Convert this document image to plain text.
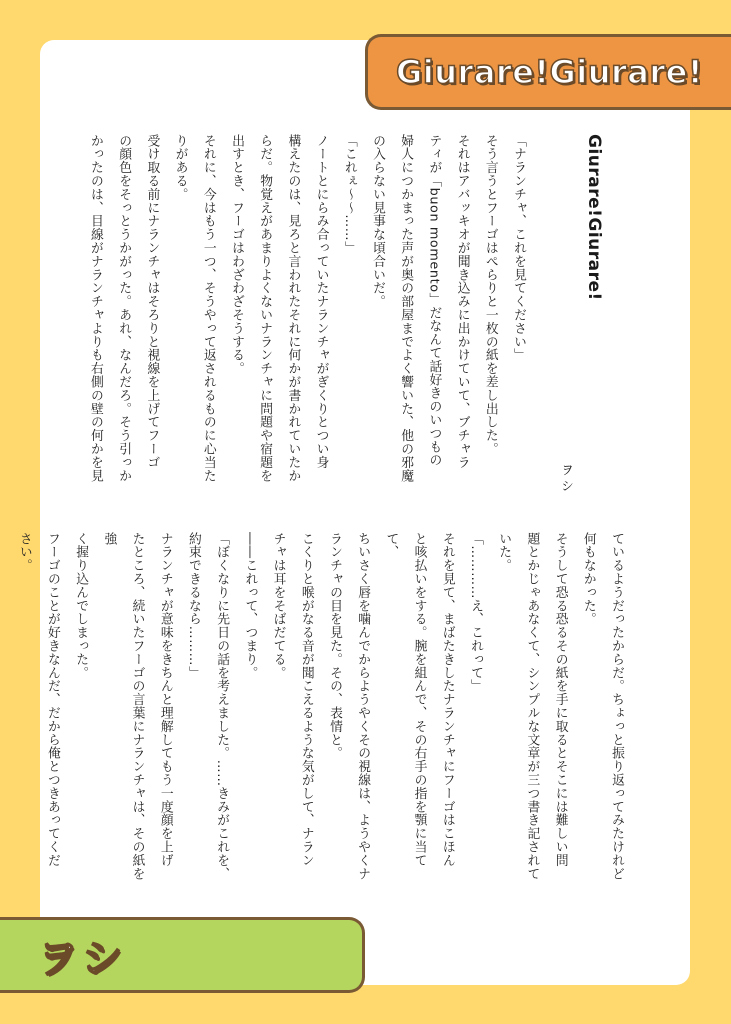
Giurare!Giurare!
Giurare!Giurare!
ヲシ

「ナランチャ、これを見てください」

そう言うとフーゴはぺらりと一枚の紙を差し出した。

それはアバッキオが聞き込みに出かけていて、ブチャラ

ティが「buon momento」だなんて話好きのいつもの

婦人につかまった声が奥の部屋までよく響いた、他の邪魔

の入らない見事な頃合いだ。

「これぇ～～……」

ノートとにらみ合っていたナランチャがぎくりとつい身

構えたのは、見ろと言われたそれに何かが書かれていたか

らだ。物覚えがあまりよくないナランチャに問題や宿題を

出すとき、フーゴはわざわざそうする。

それに、今はもう一つ、そうやって返されるものに心当た

りがある。

受け取る前にナランチャはそろりと視線を上げてフーゴ

の顔色をそっとうかがった。あれ、なんだろ。そう引っか

かったのは、目線がナランチャよりも右側の壁の何かを見

ているようだったからだ。ちょっと振り返ってみたけれど

何もなかった。

そうして恐る恐るその紙を手に取るとそこには難しい問

題とかじゃあなくて、シンプルな文章が三つ書き記されて

いた。

「…………え、これって」

それを見て、まばたきしたナランチャにフーゴはこほん

と咳払いをする。腕を組んで、その右手の指を顎に当てて、

ちいさく唇を噛んでからようやくその視線は、ようやくナ

ランチャの目を見た。その、表情と。

こくりと喉がなる音が聞こえるような気がして、ナラン

チャは耳をそばだてる。

――これって、つまり。

「ぼくなりに先日の話を考えました。……きみがこれを、

約束できるなら………」

ナランチャが意味をきちんと理解してもう一度顔を上げ

たところ、続いたフーゴの言葉にナランチャは、その紙を強

く握り込んでしまった。

フーゴのことが好きなんだ、だから俺とつきあってくだ

さい。

ヲシ
